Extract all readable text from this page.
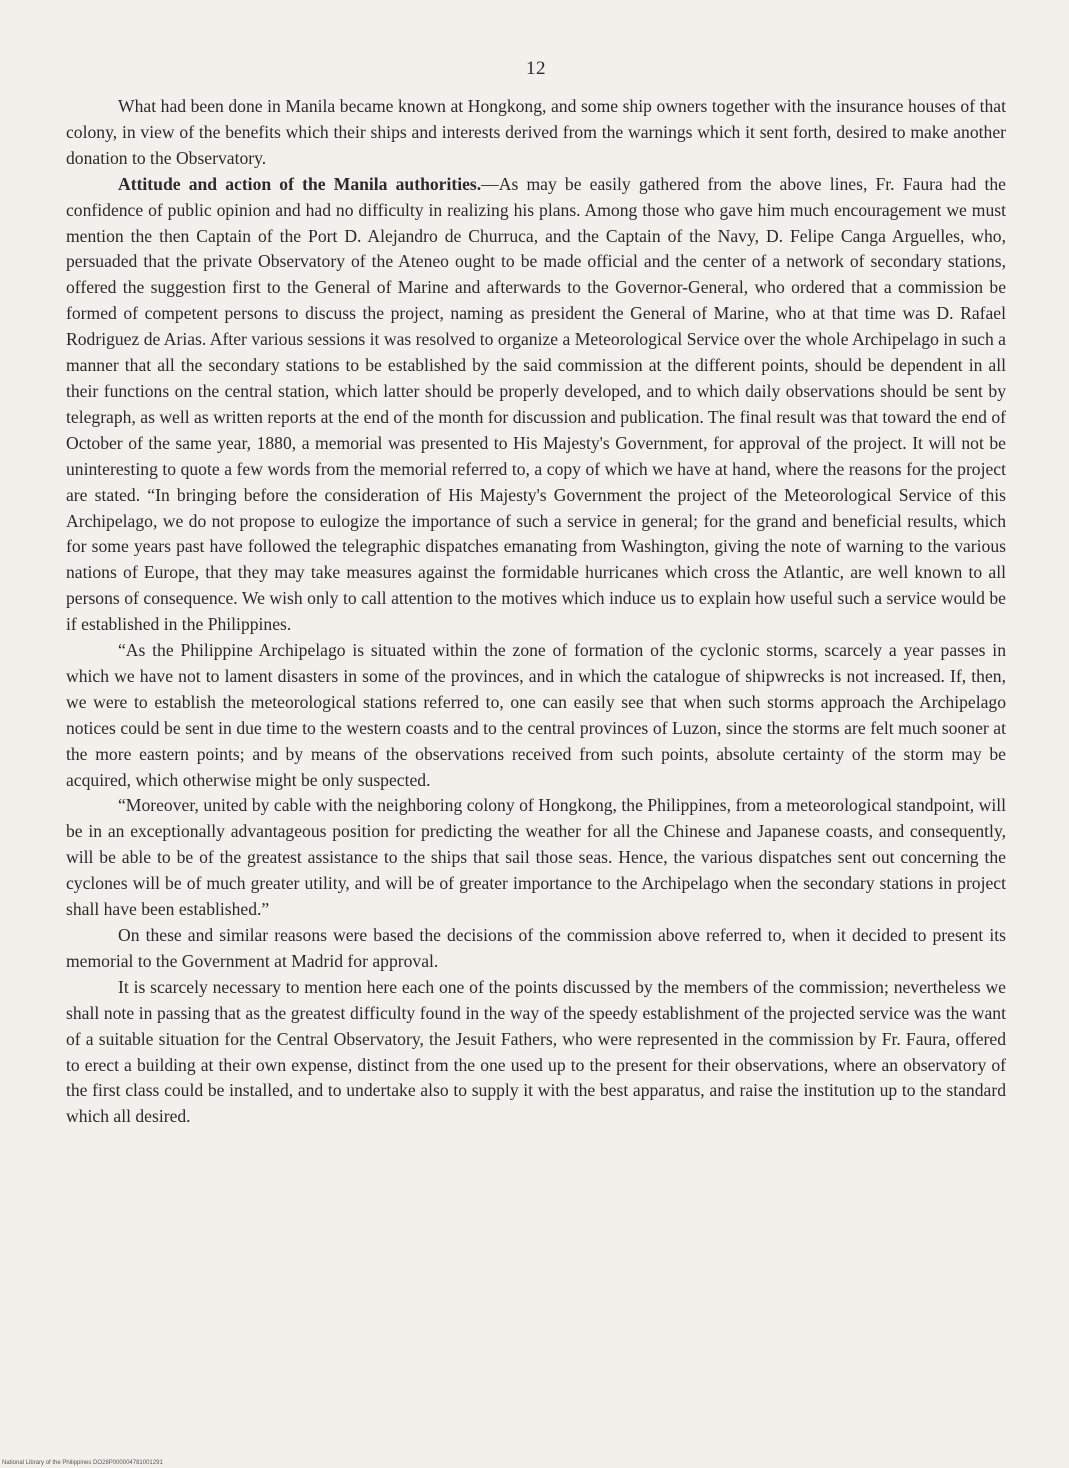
12

What had been done in Manila became known at Hongkong, and some ship owners together with the insurance houses of that colony, in view of the benefits which their ships and interests derived from the warnings which it sent forth, desired to make another donation to the Observatory.

Attitude and action of the Manila authorities.—As may be easily gathered from the above lines, Fr. Faura had the confidence of public opinion and had no difficulty in realizing his plans. Among those who gave him much encouragement we must mention the then Captain of the Port D. Alejandro de Churruca, and the Captain of the Navy, D. Felipe Canga Arguelles, who, persuaded that the private Observatory of the Ateneo ought to be made official and the center of a network of secondary stations, offered the suggestion first to the General of Marine and afterwards to the Governor-General, who ordered that a commission be formed of competent persons to discuss the project, naming as president the General of Marine, who at that time was D. Rafael Rodriguez de Arias. After various sessions it was resolved to organize a Meteorological Service over the whole Archipelago in such a manner that all the secondary stations to be established by the said commission at the different points, should be dependent in all their functions on the central station, which latter should be properly developed, and to which daily observations should be sent by telegraph, as well as written reports at the end of the month for discussion and publication. The final result was that toward the end of October of the same year, 1880, a memorial was presented to His Majesty's Government, for approval of the project. It will not be uninteresting to quote a few words from the memorial referred to, a copy of which we have at hand, where the reasons for the project are stated. “In bringing before the consideration of His Majesty's Government the project of the Meteorological Service of this Archipelago, we do not propose to eulogize the importance of such a service in general; for the grand and beneficial results, which for some years past have followed the telegraphic dispatches emanating from Washington, giving the note of warning to the various nations of Europe, that they may take measures against the formidable hurricanes which cross the Atlantic, are well known to all persons of consequence. We wish only to call attention to the motives which induce us to explain how useful such a service would be if established in the Philippines.

“As the Philippine Archipelago is situated within the zone of formation of the cyclonic storms, scarcely a year passes in which we have not to lament disasters in some of the provinces, and in which the catalogue of shipwrecks is not increased. If, then, we were to establish the meteorological stations referred to, one can easily see that when such storms approach the Archipelago notices could be sent in due time to the western coasts and to the central provinces of Luzon, since the storms are felt much sooner at the more eastern points; and by means of the observations received from such points, absolute certainty of the storm may be acquired, which otherwise might be only suspected.

“Moreover, united by cable with the neighboring colony of Hongkong, the Philippines, from a meteorological standpoint, will be in an exceptionally advantageous position for predicting the weather for all the Chinese and Japanese coasts, and consequently, will be able to be of the greatest assistance to the ships that sail those seas. Hence, the various dispatches sent out concerning the cyclones will be of much greater utility, and will be of greater importance to the Archipelago when the secondary stations in project shall have been established.”

On these and similar reasons were based the decisions of the commission above referred to, when it decided to present its memorial to the Government at Madrid for approval.

It is scarcely necessary to mention here each one of the points discussed by the members of the commission; nevertheless we shall note in passing that as the greatest difficulty found in the way of the speedy establishment of the projected service was the want of a suitable situation for the Central Observatory, the Jesuit Fathers, who were represented in the commission by Fr. Faura, offered to erect a building at their own expense, distinct from the one used up to the present for their observations, where an observatory of the first class could be installed, and to undertake also to supply it with the best apparatus, and raise the institution up to the standard which all desired.

National Library of the Philippines DO28P000004781001291
